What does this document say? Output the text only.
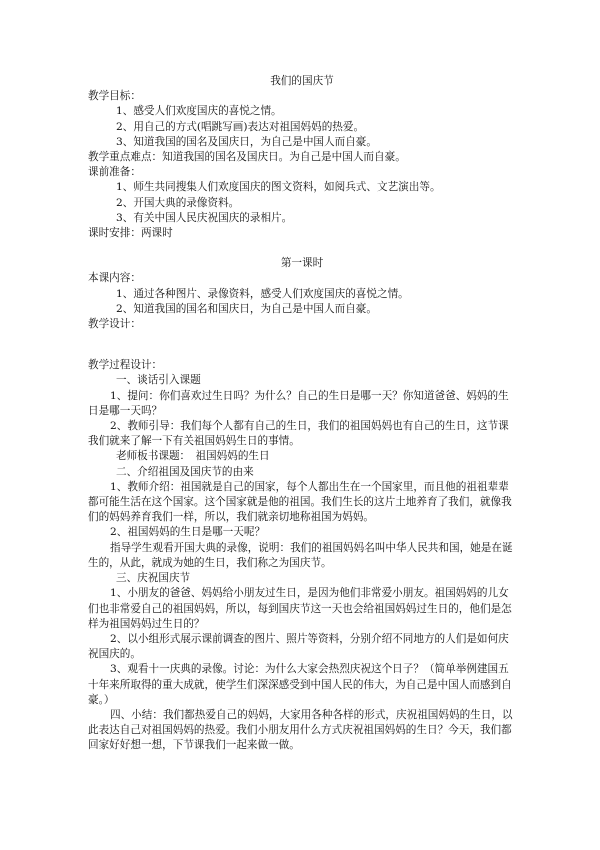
我们的国庆节
教学目标：
1、感受人们欢度国庆的喜悦之情。
2、用自己的方式(唱跳写画)表达对祖国妈妈的热爱。
3、知道我国的国名及国庆日，为自己是中国人而自豪。
教学重点难点：知道我国的国名及国庆日。为自己是中国人而自豪。
课前准备：
1、师生共同搜集人们欢度国庆的图文资料，如阅兵式、文艺演出等。
2、开国大典的录像资料。
3、有关中国人民庆祝国庆的录相片。
课时安排：两课时
第一课时
本课内容：
1、通过各种图片、录像资料，感受人们欢度国庆的喜悦之情。
2、知道我国的国名和国庆日，为自己是中国人而自豪。
教学设计：
教学过程设计：
一、谈话引入课题
1、提问：你们喜欢过生日吗？为什么？自己的生日是哪一天？你知道爸爸、妈妈的生日是哪一天吗？
2、教师引导：我们每个人都有自己的生日，我们的祖国妈妈也有自己的生日，这节课我们就来了解一下有关祖国妈妈生日的事情。
老师板书课题：　祖国妈妈的生日
二、介绍祖国及国庆节的由来
1、教师介绍：祖国就是自己的国家，每个人都出生在一个国家里，而且他的祖祖辈辈都可能生活在这个国家。这个国家就是他的祖国。我们生长的这片土地养育了我们，就像我们的妈妈养育我们一样，所以，我们就亲切地称祖国为妈妈。
2、祖国妈妈的生日是哪一天呢？
指导学生观看开国大典的录像，说明：我们的祖国妈妈名叫中华人民共和国，她是在诞生的，从此，就成为她的生日，我们称之为国庆节。
三、庆祝国庆节
1、小朋友的爸爸、妈妈给小朋友过生日，是因为他们非常爱小朋友。祖国妈妈的儿女们也非常爱自己的祖国妈妈，所以，每到国庆节这一天也会给祖国妈妈过生日的，他们是怎样为祖国妈妈过生日的？
2、以小组形式展示课前调查的图片、照片等资料，分别介绍不同地方的人们是如何庆祝国庆的。
3、观看十一庆典的录像。讨论：为什么大家会热烈庆祝这个日子？（简单举例建国五十年来所取得的重大成就，使学生们深深感受到中国人民的伟大，为自己是中国人而感到自豪。）
四、小结：我们都热爱自己的妈妈，大家用各种各样的形式，庆祝祖国妈妈的生日，以此表达自己对祖国妈妈的热爱。我们小朋友用什么方式庆祝祖国妈妈的生日？今天，我们都回家好好想一想，下节课我们一起来做一做。
